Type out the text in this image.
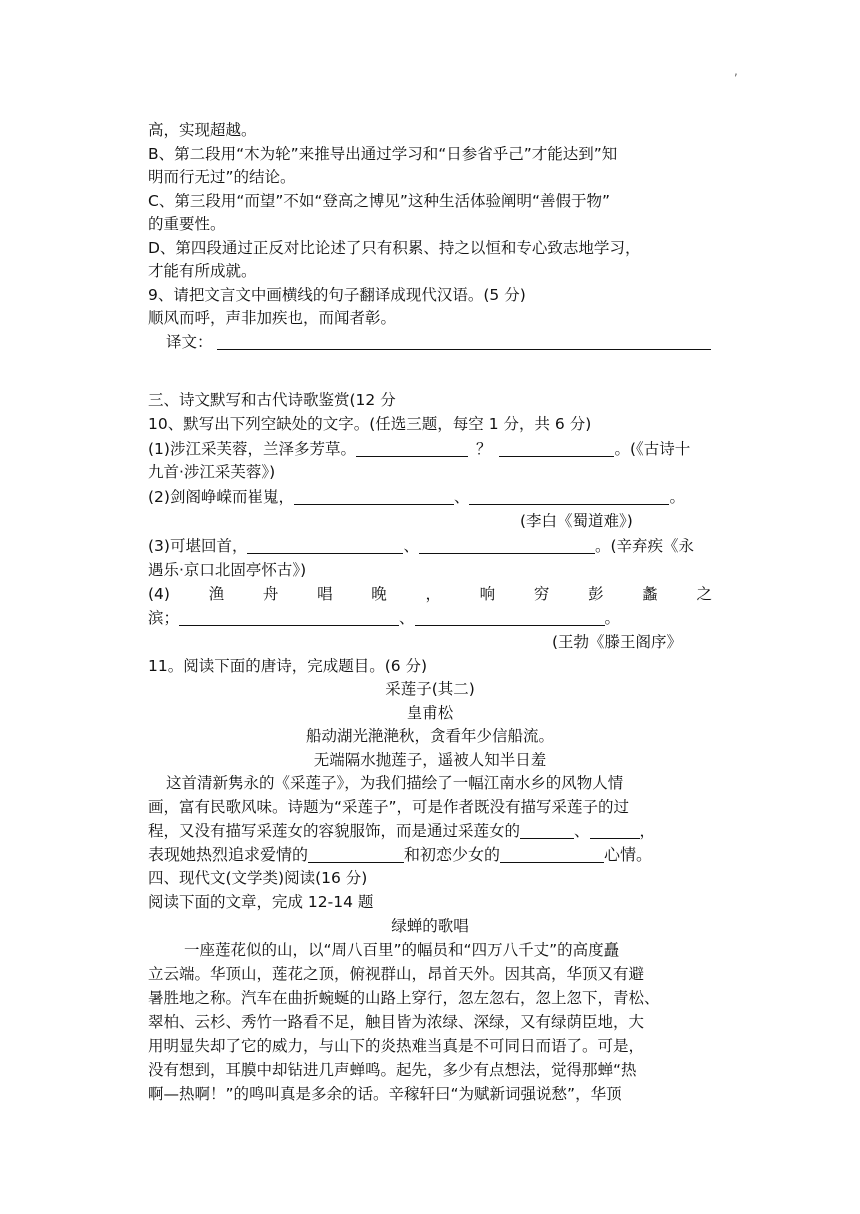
,
高，实现超越。
B、第二段用“木为轮”来推导出通过学习和“日参省乎己”才能达到”知
明而行无过”的结论。
C、第三段用“而望”不如“登高之博见”这种生活体验阐明“善假于物”
的重要性。
D、第四段通过正反对比论述了只有积累、持之以恒和专心致志地学习，
才能有所成就。
9、请把文言文中画横线的句子翻译成现代汉语。(5 分)
顺风而呼，声非加疾也，而闻者彰。
译文：
三、诗文默写和古代诗歌鉴赏(12 分
10、默写出下列空缺处的文字。(任选三题，每空 1 分，共 6 分)
(1)涉江采芙蓉，兰泽多芳草。	？	。(《古诗十
九首·涉江采芙蓉》)
(2)剑阁峥嵘而崔嵬，	、	。
(李白《蜀道难》)
(3)可堪回首，	、	。(辛弃疾《永
遇乐·京口北固亭怀古》)
(4) 渔 舟 唱 晚 ， 响 穷 彭 蠡 之
滨；	、	。
(王勃《滕王阁序》
11。阅读下面的唐诗，完成题目。(6 分)
采莲子(其二)
皇甫松
船动湖光滟滟秋，贪看年少信船流。
无端隔水抛莲子，遥被人知半日羞
这首清新隽永的《采莲子》，为我们描绘了一幅江南水乡的风物人情
画，富有民歌风味。诗题为“采莲子”，可是作者既没有描写采莲子的过
程，又没有描写采莲女的容貌服饰，而是通过采莲女的	、	，
表现她热烈追求爱情的	和初恋少女的	心情。
四、现代文(文学类)阅读(16 分)
阅读下面的文章，完成 12-14 题
绿蝉的歌唱
一座莲花似的山，以“周八百里”的幅员和“四万八千丈”的高度矗
立云端。华顶山，莲花之顶，俯视群山，昂首天外。因其高，华顶又有避
暑胜地之称。汽车在曲折蜿蜒的山路上穿行，忽左忽右，忽上忽下，青松、
翠柏、云杉、秀竹一路看不足，触目皆为浓绿、深绿，又有绿荫臣地，大
用明显失却了它的威力，与山下的炎热难当真是不可同日而语了。可是，
没有想到，耳膜中却钻进几声蝉鸣。起先，多少有点想法，觉得那蝉“热
啊—热啊！”的鸣叫真是多余的话。辛稼轩曰“为赋新词强说愁”，华顶
